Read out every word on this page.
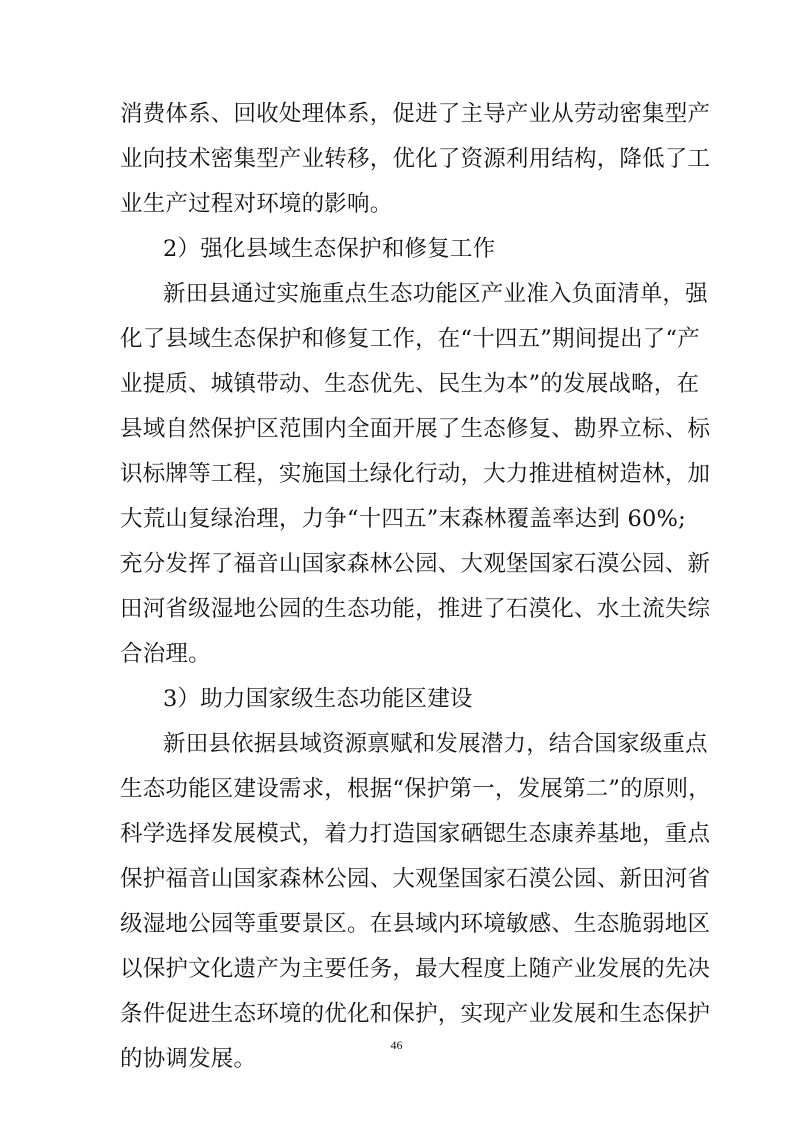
消费体系、回收处理体系，促进了主导产业从劳动密集型产
业向技术密集型产业转移，优化了资源利用结构，降低了工
业生产过程对环境的影响。
2）强化县域生态保护和修复工作
新田县通过实施重点生态功能区产业准入负面清单，强
化了县域生态保护和修复工作，在“十四五”期间提出了“产
业提质、城镇带动、生态优先、民生为本”的发展战略，在
县域自然保护区范围内全面开展了生态修复、勘界立标、标
识标牌等工程，实施国土绿化行动，大力推进植树造林，加
大荒山复绿治理，力争“十四五”末森林覆盖率达到 60%;
充分发挥了福音山国家森林公园、大观堡国家石漠公园、新
田河省级湿地公园的生态功能，推进了石漠化、水土流失综
合治理。
3）助力国家级生态功能区建设
新田县依据县域资源禀赋和发展潜力，结合国家级重点
生态功能区建设需求，根据“保护第一，发展第二”的原则，
科学选择发展模式，着力打造国家硒锶生态康养基地，重点
保护福音山国家森林公园、大观堡国家石漠公园、新田河省
级湿地公园等重要景区。在县域内环境敏感、生态脆弱地区
以保护文化遗产为主要任务，最大程度上随产业发展的先决
条件促进生态环境的优化和保护，实现产业发展和生态保护
的协调发展。
46
